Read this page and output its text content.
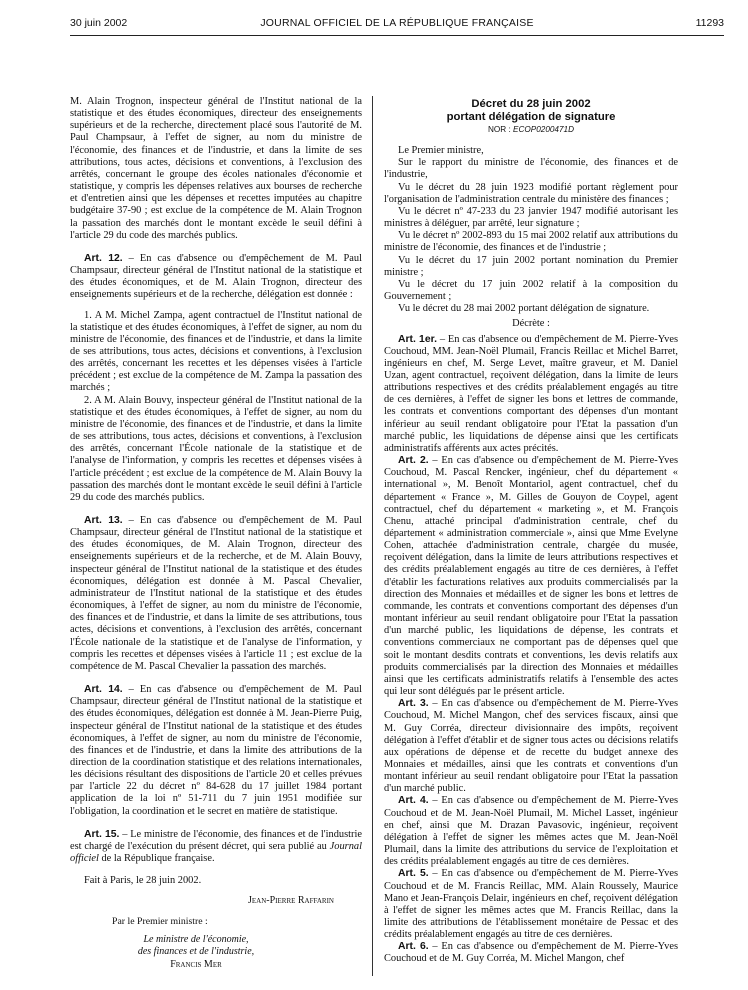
30 juin 2002	JOURNAL OFFICIEL DE LA RÉPUBLIQUE FRANÇAISE	11293

M. Alain Trognon, inspecteur général de l'Institut national de la statistique et des études économiques, directeur des enseignements supérieurs et de la recherche, directement placé sous l'autorité de M. Paul Champsaur, à l'effet de signer, au nom du ministre de l'économie, des finances et de l'industrie, et dans la limite de ses attributions, tous actes, décisions et conventions, à l'exclusion des arrêtés, concernant le groupe des écoles nationales d'économie et statistique, y compris les dépenses relatives aux bourses de recherche et d'entretien ainsi que les dépenses et recettes imputées au chapitre budgétaire 37-90 ; est exclue de la compétence de M. Alain Trognon la passation des marchés dont le montant excède le seuil défini à l'article 29 du code des marchés publics.

Art. 12. – En cas d'absence ou d'empêchement de M. Paul Champsaur, directeur général de l'Institut national de la statistique et des études économiques, et de M. Alain Trognon, directeur des enseignements supérieurs et de la recherche, délégation est donnée :

1. A M. Michel Zampa, agent contractuel de l'Institut national de la statistique et des études économiques, à l'effet de signer, au nom du ministre de l'économie, des finances et de l'industrie, et dans la limite de ses attributions, tous actes, décisions et conventions, à l'exclusion des arrêtés, concernant les recettes et les dépenses visées à l'article précédent ; est exclue de la compétence de M. Zampa la passation des marchés ;

2. A M. Alain Bouvy, inspecteur général de l'Institut national de la statistique et des études économiques, à l'effet de signer, au nom du ministre de l'économie, des finances et de l'industrie, et dans la limite de ses attributions, tous actes, décisions et conventions, à l'exclusion des arrêtés, concernant l'École nationale de la statistique et de l'analyse de l'information, y compris les recettes et dépenses visées à l'article précédent ; est exclue de la compétence de M. Alain Bouvy la passation des marchés dont le montant excède le seuil défini à l'article 29 du code des marchés publics.

Art. 13. – En cas d'absence ou d'empêchement de M. Paul Champsaur, directeur général de l'Institut national de la statistique et des études économiques, de M. Alain Trognon, directeur des enseignements supérieurs et de la recherche, et de M. Alain Bouvy, inspecteur général de l'Institut national de la statistique et des études économiques, délégation est donnée à M. Pascal Chevalier, administrateur de l'Institut national de la statistique et des études économiques, à l'effet de signer, au nom du ministre de l'économie, des finances et de l'industrie, et dans la limite de ses attributions, tous actes, décisions et conventions, à l'exclusion des arrêtés, concernant l'École nationale de la statistique et de l'analyse de l'information, y compris les recettes et dépenses visées à l'article 11 ; est exclue de la compétence de M. Pascal Chevalier la passation des marchés.

Art. 14. – En cas d'absence ou d'empêchement de M. Paul Champsaur, directeur général de l'Institut national de la statistique et des études économiques, délégation est donnée à M. Jean-Pierre Puig, inspecteur général de l'Institut national de la statistique et des études économiques, à l'effet de signer, au nom du ministre de l'économie, des finances et de l'industrie, et dans la limite des attributions de la direction de la coordination statistique et des relations internationales, les décisions résultant des dispositions de l'article 20 et celles prévues par l'article 22 du décret nº 84-628 du 17 juillet 1984 portant application de la loi nº 51-711 du 7 juin 1951 modifiée sur l'obligation, la coordination et le secret en matière de statistique.

Art. 15. – Le ministre de l'économie, des finances et de l'industrie est chargé de l'exécution du présent décret, qui sera publié au Journal officiel de la République française.

Fait à Paris, le 28 juin 2002.

Jean-Pierre Raffarin

Par le Premier ministre :

Le ministre de l'économie,
des finances et de l'industrie,
Francis Mer
Décret du 28 juin 2002
portant délégation de signature
NOR : ECOP0200471D

Le Premier ministre,

Sur le rapport du ministre de l'économie, des finances et de l'industrie,

Vu le décret du 28 juin 1923 modifié portant règlement pour l'organisation de l'administration centrale du ministère des finances ;

Vu le décret nº 47-233 du 23 janvier 1947 modifié autorisant les ministres à déléguer, par arrêté, leur signature ;

Vu le décret nº 2002-893 du 15 mai 2002 relatif aux attributions du ministre de l'économie, des finances et de l'industrie ;

Vu le décret du 17 juin 2002 portant nomination du Premier ministre ;

Vu le décret du 17 juin 2002 relatif à la composition du Gouvernement ;

Vu le décret du 28 mai 2002 portant délégation de signature.

Décrète :

Art. 1er. – En cas d'absence ou d'empêchement de M. Pierre-Yves Couchoud, MM. Jean-Noël Plumail, Francis Reillac et Michel Barret, ingénieurs en chef, M. Serge Levet, maître graveur, et M. Daniel Uzan, agent contractuel, reçoivent délégation, dans la limite de leurs attributions respectives et des crédits préalablement engagés au titre de ces dernières, à l'effet de signer les bons et lettres de commande, les contrats et conventions comportant des dépenses d'un montant inférieur au seuil rendant obligatoire pour l'Etat la passation d'un marché public, les liquidations de dépense ainsi que les certificats administratifs afférents aux actes précités.

Art. 2. – En cas d'absence ou d'empêchement de M. Pierre-Yves Couchoud, M. Pascal Rencker, ingénieur, chef du département « international », M. Benoît Montariol, agent contractuel, chef du département « France », M. Gilles de Gouyon de Coypel, agent contractuel, chef du département « marketing », et M. François Chenu, attaché principal d'administration centrale, chef du département « administration commerciale », ainsi que Mme Evelyne Cohen, attachée d'administration centrale, chargée du musée, reçoivent délégation, dans la limite de leurs attributions respectives et des crédits préalablement engagés au titre de ces dernières, à l'effet d'établir les facturations relatives aux produits commercialisés par la direction des Monnaies et médailles et de signer les bons et lettres de commande, les contrats et conventions comportant des dépenses d'un montant inférieur au seuil rendant obligatoire pour l'Etat la passation d'un marché public, les liquidations de dépense, les contrats et conventions commerciaux ne comportant pas de dépenses quel que soit le montant desdits contrats et conventions, les devis relatifs aux produits commercialisés par la direction des Monnaies et médailles ainsi que les certificats administratifs relatifs à l'ensemble des actes qui leur sont délégués par le présent article.

Art. 3. – En cas d'absence ou d'empêchement de M. Pierre-Yves Couchoud, M. Michel Mangon, chef des services fiscaux, ainsi que M. Guy Corréa, directeur divisionnaire des impôts, reçoivent délégation à l'effet d'établir et de signer tous actes ou décisions relatifs aux opérations de dépense et de recette du budget annexe des Monnaies et médailles, ainsi que les contrats et conventions d'un montant inférieur au seuil rendant obligatoire pour l'Etat la passation d'un marché public.

Art. 4. – En cas d'absence ou d'empêchement de M. Pierre-Yves Couchoud et de M. Jean-Noël Plumail, M. Michel Lasset, ingénieur en chef, ainsi que M. Drazan Pavasovic, ingénieur, reçoivent délégation à l'effet de signer les mêmes actes que M. Jean-Noël Plumail, dans la limite des attributions du service de l'exploitation et des crédits préalablement engagés au titre de ces dernières.

Art. 5. – En cas d'absence ou d'empêchement de M. Pierre-Yves Couchoud et de M. Francis Reillac, MM. Alain Roussely, Maurice Mano et Jean-François Delair, ingénieurs en chef, reçoivent délégation à l'effet de signer les mêmes actes que M. Francis Reillac, dans la limite des attributions de l'établissement monétaire de Pessac et des crédits préalablement engagés au titre de ces dernières.

Art. 6. – En cas d'absence ou d'empêchement de M. Pierre-Yves Couchoud et de M. Guy Corréa, M. Michel Mangon, chef
